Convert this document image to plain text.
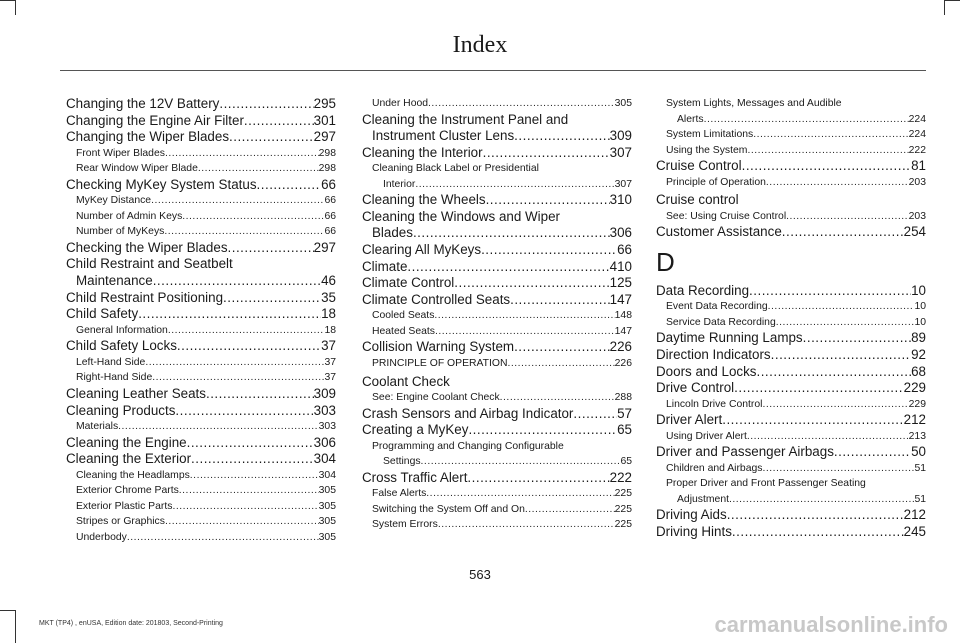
Index
Changing the 12V Battery .....	295
Changing the Engine Air Filter .....	301
Changing the Wiper Blades .....	297
Front Wiper Blades .....	298
Rear Window Wiper Blade .....	298
Checking MyKey System Status .....	66
MyKey Distance .....	66
Number of Admin Keys .....	66
Number of MyKeys .....	66
Checking the Wiper Blades .....	297
Child Restraint and Seatbelt
Maintenance .....	46
Child Restraint Positioning .....	35
Child Safety .....	18
General Information .....	18
Child Safety Locks .....	37
Left-Hand Side .....	37
Right-Hand Side .....	37
Cleaning Leather Seats .....	309
Cleaning Products .....	303
Materials .....	303
Cleaning the Engine .....	306
Cleaning the Exterior .....	304
Cleaning the Headlamps .....	304
Exterior Chrome Parts .....	305
Exterior Plastic Parts .....	305
Stripes or Graphics .....	305
Underbody .....	305
Under Hood .....	305
Cleaning the Instrument Panel and
Instrument Cluster Lens .....	309
Cleaning the Interior .....	307
Cleaning Black Label or Presidential
Interior .....	307
Cleaning the Wheels .....	310
Cleaning the Windows and Wiper
Blades .....	306
Clearing All MyKeys .....	66
Climate .....	410
Climate Control .....	125
Climate Controlled Seats .....	147
Cooled Seats .....	148
Heated Seats .....	147
Collision Warning System .....	226
PRINCIPLE OF OPERATION .....	226
Coolant Check
See: Engine Coolant Check .....	288
Crash Sensors and Airbag Indicator .....	57
Creating a MyKey .....	65
Programming and Changing Configurable
Settings .....	65
Cross Traffic Alert .....	222
False Alerts .....	225
Switching the System Off and On .....	225
System Errors .....	225
System Lights, Messages and Audible
Alerts .....	224
System Limitations .....	224
Using the System .....	222
Cruise Control .....	81
Principle of Operation .....	203
Cruise control
See: Using Cruise Control .....	203
Customer Assistance .....	254
D
Data Recording .....	10
Event Data Recording .....	10
Service Data Recording .....	10
Daytime Running Lamps .....	89
Direction Indicators .....	92
Doors and Locks .....	68
Drive Control .....	229
Lincoln Drive Control .....	229
Driver Alert .....	212
Using Driver Alert .....	213
Driver and Passenger Airbags .....	50
Children and Airbags .....	51
Proper Driver and Front Passenger Seating
Adjustment .....	51
Driving Aids .....	212
Driving Hints .....	245
563
MKT (TP4) , enUSA, Edition date: 201803, Second-Printing	carmanualsonline.info
